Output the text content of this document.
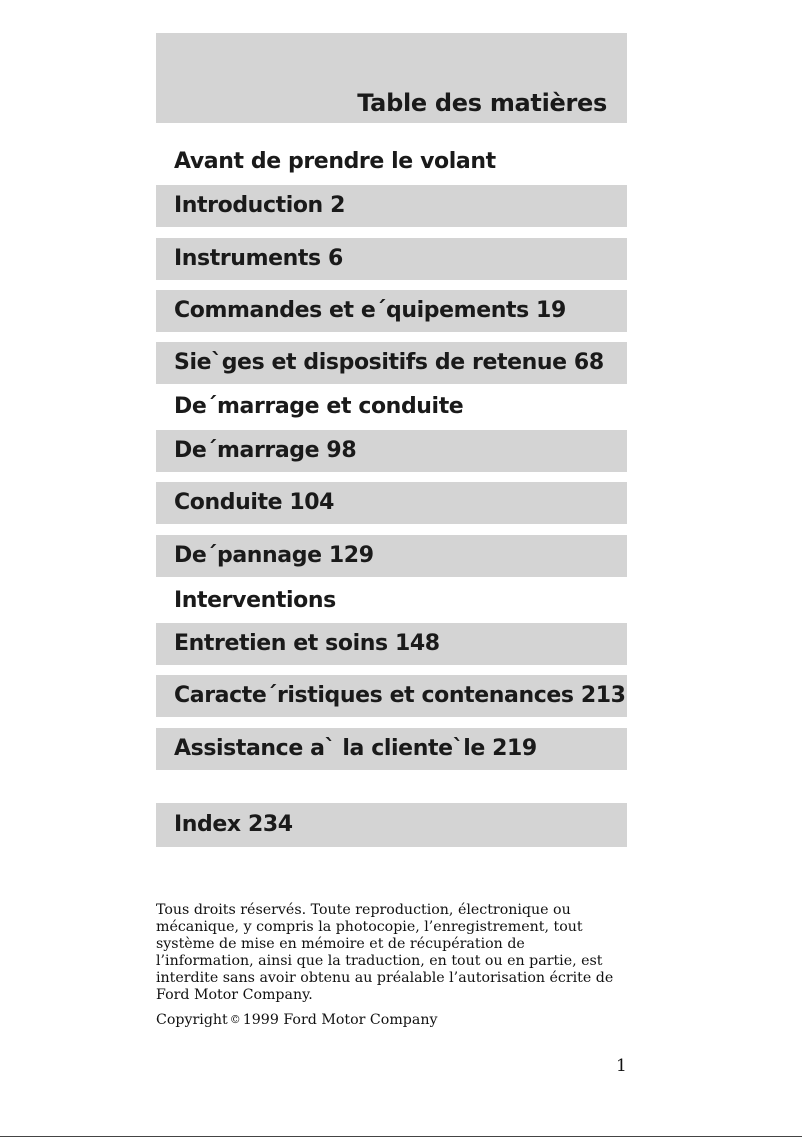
Table des matières
Avant de prendre le volant
Introduction 2
Instruments 6
Commandes et e´quipements 19
Sie`ges et dispositifs de retenue 68
De´marrage et conduite
De´marrage 98
Conduite 104
De´pannage 129
Interventions
Entretien et soins 148
Caracte´ristiques et contenances 213
Assistance a` la cliente`le 219
Index 234
Tous droits réservés. Toute reproduction, électronique ou mécanique, y compris la photocopie, l’enregistrement, tout système de mise en mémoire et de récupération de l’information, ainsi que la traduction, en tout ou en partie, est interdite sans avoir obtenu au préalable l’autorisation écrite de Ford Motor Company.
Copyright © 1999 Ford Motor Company
1
